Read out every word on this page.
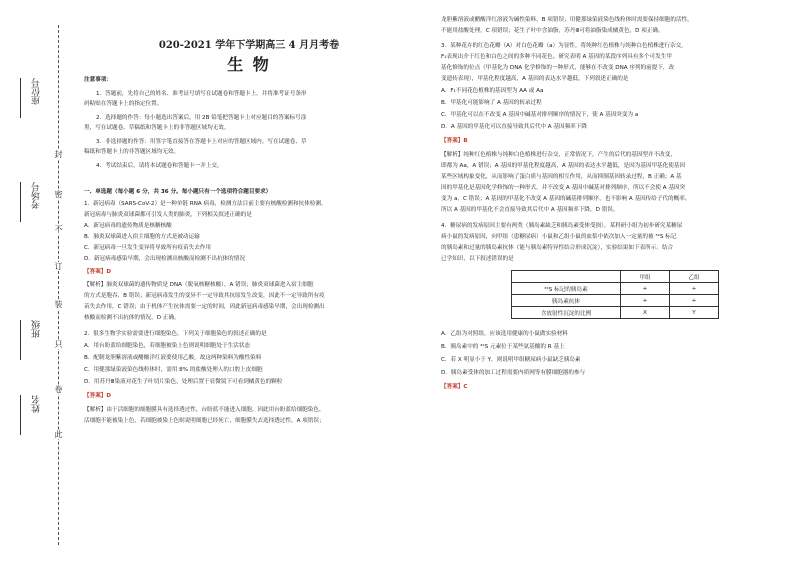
座位号
考场号
班级
姓名
封
密
不
订
装
只
卷
此
020-2021 学年下学期高三 4 月月考卷
生 物
注意事项：
1．答题前，先将自己的姓名、准考证号填写在试题卷和答题卡上，并将准考证号条形
码粘贴在答题卡上的指定位置。
2．选择题的作答：每小题选出答案后，用 2B 铅笔把答题卡上对应题目的答案标号涂
黑，写在试题卷、草稿纸和答题卡上的非答题区域均无效。
3．非选择题的作答：用签字笔直接答在答题卡上对应的答题区域内。写在试题卷、草
稿纸和答题卡上的非答题区域均无效。
4．考试结束后，请将本试题卷和答题卡一并上交。
一、单选题（每小题 6 分，共 36 分。每小题只有一个选项符合题目要求）
1．新冠病毒（SARS-CoV-2）是一种单链 RNA 病毒，检测方法目前主要有核酸检测和抗体检测。
新冠病毒与肺炎双球菌都可引发人类的肺炎，下列相关叙述正确的是
A．新冠病毒的遗传物质是核糖核酸
B．肺炎双球菌进入宿主细胞的方式是被动运输
C．新冠病毒一旦发生变异将导致所有疫苗失去作用
D．新冠病毒感染早期，会出现检测出核酸而检测不出抗体的情况
【答案】D
【解析】肺炎双球菌的遗传物质是 DNA（脱氧核糖核酸），A 错误；肺炎双球菌进入宿主细胞
的方式是胞吞，B 错误；新冠病毒发生的变异不一定导致其抗原发生改变，因此不一定导致所有疫
苗失去作用，C 错误；由于机体产生抗体需要一定的时间，因此新冠病毒感染早期，会出现检测出
核酸而检测不出抗体的情况，D 正确。
2．很多生物学实验需要进行细胞染色。下列关于细胞染色的叙述正确的是
A．用台盼蓝给细胞染色，若细胞被染上色则说明细胞处于生活状态
B．配制龙胆紫溶液或醋酸洋红液要使用乙酸，故这两种染料为酸性染料
C．用健那绿染液染色线粒体时，需用 8% 的盐酸处理人的口腔上皮细胞
D．用苏丹Ⅲ染液对花生子叶切片染色，处理后置于显微镜下可看到橘黄色的颗粒
【答案】D
【解析】由于活细胞的细胞膜具有选择透过性，台盼蓝不能进入细胞，因此用台盼蓝给细胞染色，
活细胞不能被染上色，若细胞被染上色则说明细胞已经死亡，细胞膜失去选择透过性，A 项错误；
龙胆紫溶液或醋酸洋红溶液为碱性染料，B 项错误；用健那绿染液染色线粒体时需要保持细胞的活性，
不能用盐酸处理，C 项错误；花生子叶中含油脂，苏丹Ⅲ可将油脂染成橘黄色，D 项正确。
3．某种花卉的红色花瓣（A）对白色花瓣（a）为显性。将纯种红色植株与纯种白色植株进行杂交，
F₁表现出介于红色和白色之间的多种不同花色。研究表明 A 基因的某段序列具有多个可发生甲
基化修饰的位点（甲基化为 DNA 化学修饰的一种形式，能够在不改变 DNA 序列的前提下，改
变遗传表现），甲基化程度越高，A 基因的表达水平越低。下列叙述正确的是
A．F₁不同花色植株的基因型为 AA 或 Aa
B．甲基化可能影响了 A 基因的转录过程
C．甲基化可以在不改变 A 基因中碱基对排列顺序的情况下，使 A 基因突变为 a
D．A 基因的甲基化可以直接导致其后代中 A 基因频率下降
【答案】B
【解析】纯种红色植株与纯种白色植株进行杂交，正常情况下，产生的后代的基因型并不改变，
即都为 Aa，A 错误；A 基因的甲基化程度越高，A 基因的表达水平越低，是因为基因甲基化使基因
某些区域构象变化，从而影响了蛋白质与基因的相互作用，从而抑制基因转录过程，B 正确；A 基
因的甲基化是基因化学修饰的一种形式，并不改变 A 基因中碱基对排列顺序，所以不会使 A 基因突
变为 a，C 错误；A 基因的甲基化不改变 A 基因的碱基排列顺序，也不影响 A 基因传给子代的概率，
所以 A 基因的甲基化不会直接导致其后代中 A 基因频率下降，D 错误。
4．糖尿病的发病原因主要有两类（胰岛素缺乏和胰岛素受体受损），某科研小组为初步研究某糖尿
病小鼠的发病原因，向甲组（患糖尿病）小鼠和乙组小鼠的血浆中依次加入一定量的被 ³²S 标记
的胰岛素和过量的胰岛素抗体（能与胰岛素特异性结合形成沉淀），实验结果如下表所示。结合
已学知识，以下叙述错误的是
	甲组	乙组
³²S 标记的胰岛素	+	+
胰岛素抗体	+	+
含放射性沉淀的比例	X	Y
A．乙组为对照组，应该选用健康的小鼠做实验材料
B．胰岛素中的 ³²S 元素位于某些氨基酸的 R 基上
C．若 X 明显小于 Y，则说明甲组糖尿病小鼠缺乏胰岛素
D．胰岛素受体的加工过程需要内质网等有膜细胞器的参与
【答案】C
